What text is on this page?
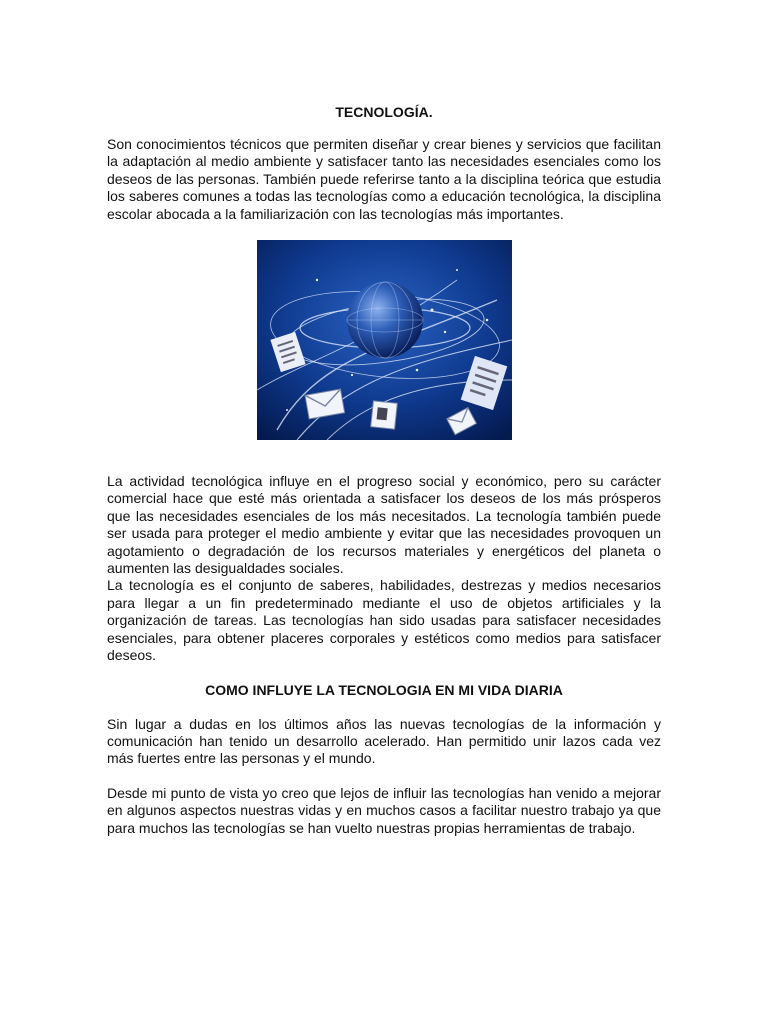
TECNOLOGÍA.

Son conocimientos técnicos que permiten diseñar y crear bienes y servicios que facilitan la adaptación al medio ambiente y satisfacer tanto las necesidades esenciales como los deseos de las personas. También puede referirse tanto a la disciplina teórica que estudia los saberes comunes a todas las tecnologías como a educación tecnológica, la disciplina escolar abocada a la familiarización con las tecnologías más importantes.

La actividad tecnológica influye en el progreso social y económico, pero su carácter comercial hace que esté más orientada a satisfacer los deseos de los más prósperos que las necesidades esenciales de los más necesitados. La tecnología también puede ser usada para proteger el medio ambiente y evitar que las necesidades provoquen un agotamiento o degradación de los recursos materiales y energéticos del planeta o aumenten las desigualdades sociales.

La tecnología es el conjunto de saberes, habilidades, destrezas y medios necesarios para llegar a un fin predeterminado mediante el uso de objetos artificiales y la organización de tareas. Las tecnologías han sido usadas para satisfacer necesidades esenciales, para obtener placeres corporales y estéticos como medios para satisfacer deseos.

COMO INFLUYE LA TECNOLOGIA EN MI VIDA DIARIA

Sin lugar a dudas en los últimos años las nuevas tecnologías de la información y comunicación han tenido un desarrollo acelerado. Han permitido unir lazos cada vez más fuertes entre las personas y el mundo.

Desde mi punto de vista yo creo que lejos de influir las tecnologías han venido a mejorar en algunos aspectos nuestras vidas y en muchos casos a facilitar nuestro trabajo ya que para muchos las tecnologías se han vuelto nuestras propias herramientas de trabajo.
